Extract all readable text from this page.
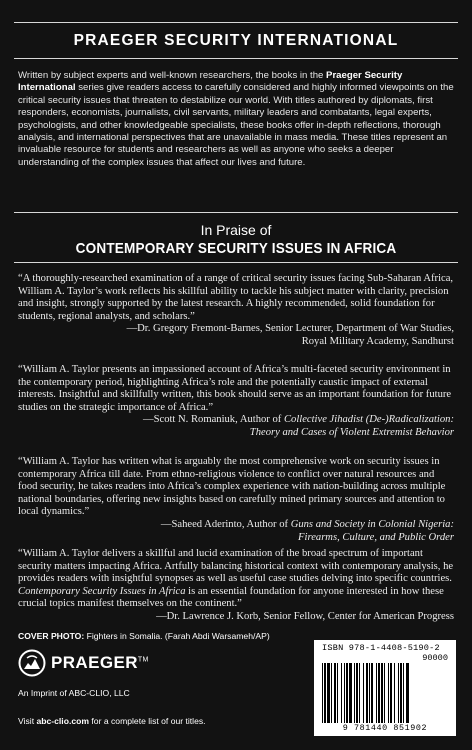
PRAEGER SECURITY INTERNATIONAL
Written by subject experts and well-known researchers, the books in the Praeger Security International series give readers access to carefully considered and highly informed viewpoints on the critical security issues that threaten to destabilize our world. With titles authored by diplomats, first responders, economists, journalists, civil servants, military leaders and combatants, legal experts, psychologists, and other knowledgeable specialists, these books offer in-depth reflections, thorough analysis, and international perspectives that are unavailable in mass media. These titles represent an invaluable resource for students and researchers as well as anyone who seeks a deeper understanding of the complex issues that affect our lives and future.
In Praise of
CONTEMPORARY SECURITY ISSUES IN AFRICA
“A thoroughly-researched examination of a range of critical security issues facing Sub-Saharan Africa, William A. Taylor’s work reflects his skillful ability to tackle his subject matter with clarity, precision and insight, strongly supported by the latest research. A highly recommended, solid foundation for students, regional analysts, and scholars.”
—Dr. Gregory Fremont-Barnes, Senior Lecturer, Department of War Studies,
Royal Military Academy, Sandhurst
“William A. Taylor presents an impassioned account of Africa’s multi-faceted security environment in the contemporary period, highlighting Africa’s role and the potentially caustic impact of external interests. Insightful and skillfully written, this book should serve as an important foundation for future studies on the strategic importance of Africa.”
—Scott N. Romaniuk, Author of Collective Jihadist (De-)Radicalization:
Theory and Cases of Violent Extremist Behavior
“William A. Taylor has written what is arguably the most comprehensive work on security issues in contemporary Africa till date. From ethno-religious violence to conflict over natural resources and food security, he takes readers into Africa’s complex experience with nation-building across multiple national boundaries, offering new insights based on carefully mined primary sources and attention to local dynamics.”
—Saheed Aderinto, Author of Guns and Society in Colonial Nigeria:
Firearms, Culture, and Public Order
“William A. Taylor delivers a skillful and lucid examination of the broad spectrum of important security matters impacting Africa. Artfully balancing historical context with contemporary analysis, he provides readers with insightful synopses as well as useful case studies delving into specific countries. Contemporary Security Issues in Africa is an essential foundation for anyone interested in how these crucial topics manifest themselves on the continent.”
—Dr. Lawrence J. Korb, Senior Fellow, Center for American Progress
COVER PHOTO: Fighters in Somalia. (Farah Abdi Warsameh/AP)
PRAEGER™
An Imprint of ABC-CLIO, LLC
Visit abc-clio.com for a complete list of our titles.
ISBN 978-1-4408-5190-2
90000
9 781440 851902
